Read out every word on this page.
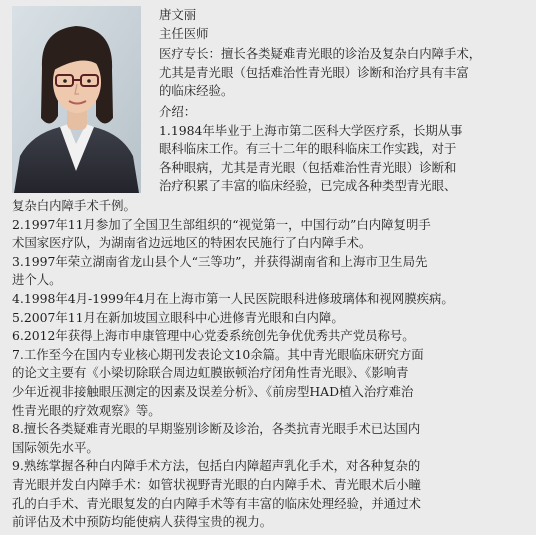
唐文丽
主任医师
医疗专长：擅长各类疑难青光眼的诊治及复杂白内障手术，
尤其是青光眼（包括难治性青光眼）诊断和治疗具有丰富
的临床经验。
介绍：
1.1984年毕业于上海市第二医科大学医疗系，长期从事
眼科临床工作。有三十二年的眼科临床工作实践，对于
各种眼病，尤其是青光眼（包括难治性青光眼）诊断和
治疗积累了丰富的临床经验，已完成各种类型青光眼、
复杂白内障手术千例。
2.1997年11月参加了全国卫生部组织的“视觉第一，中国行动”白内障复明手
术国家医疗队，为湖南省边远地区的特困农民施行了白内障手术。
3.1997年荣立湖南省龙山县个人“三等功”，并获得湖南省和上海市卫生局先
进个人。
4.1998年4月-1999年4月在上海市第一人民医院眼科进修玻璃体和视网膜疾病。
5.2007年11月在新加坡国立眼科中心进修青光眼和白内障。
6.2012年获得上海市申康管理中心党委系统创先争优优秀共产党员称号。
7.工作至今在国内专业核心期刊发表论文10余篇。其中青光眼临床研究方面
的论文主要有《小梁切除联合周边虹膜嵌顿治疗闭角性青光眼》、《影响青
少年近视非接触眼压测定的因素及误差分析》、《前房型HAD植入治疗难治
性青光眼的疗效观察》等。
8.擅长各类疑难青光眼的早期鉴别诊断及诊治，各类抗青光眼手术已达国内
国际领先水平。
9.熟练掌握各种白内障手术方法，包括白内障超声乳化手术，对各种复杂的
青光眼并发白内障手术：如管状视野青光眼的白内障手术、青光眼术后小瞳
孔的白手术、青光眼复发的白内障手术等有丰富的临床处理经验，并通过术
前评估及术中预防均能使病人获得宝贵的视力。
